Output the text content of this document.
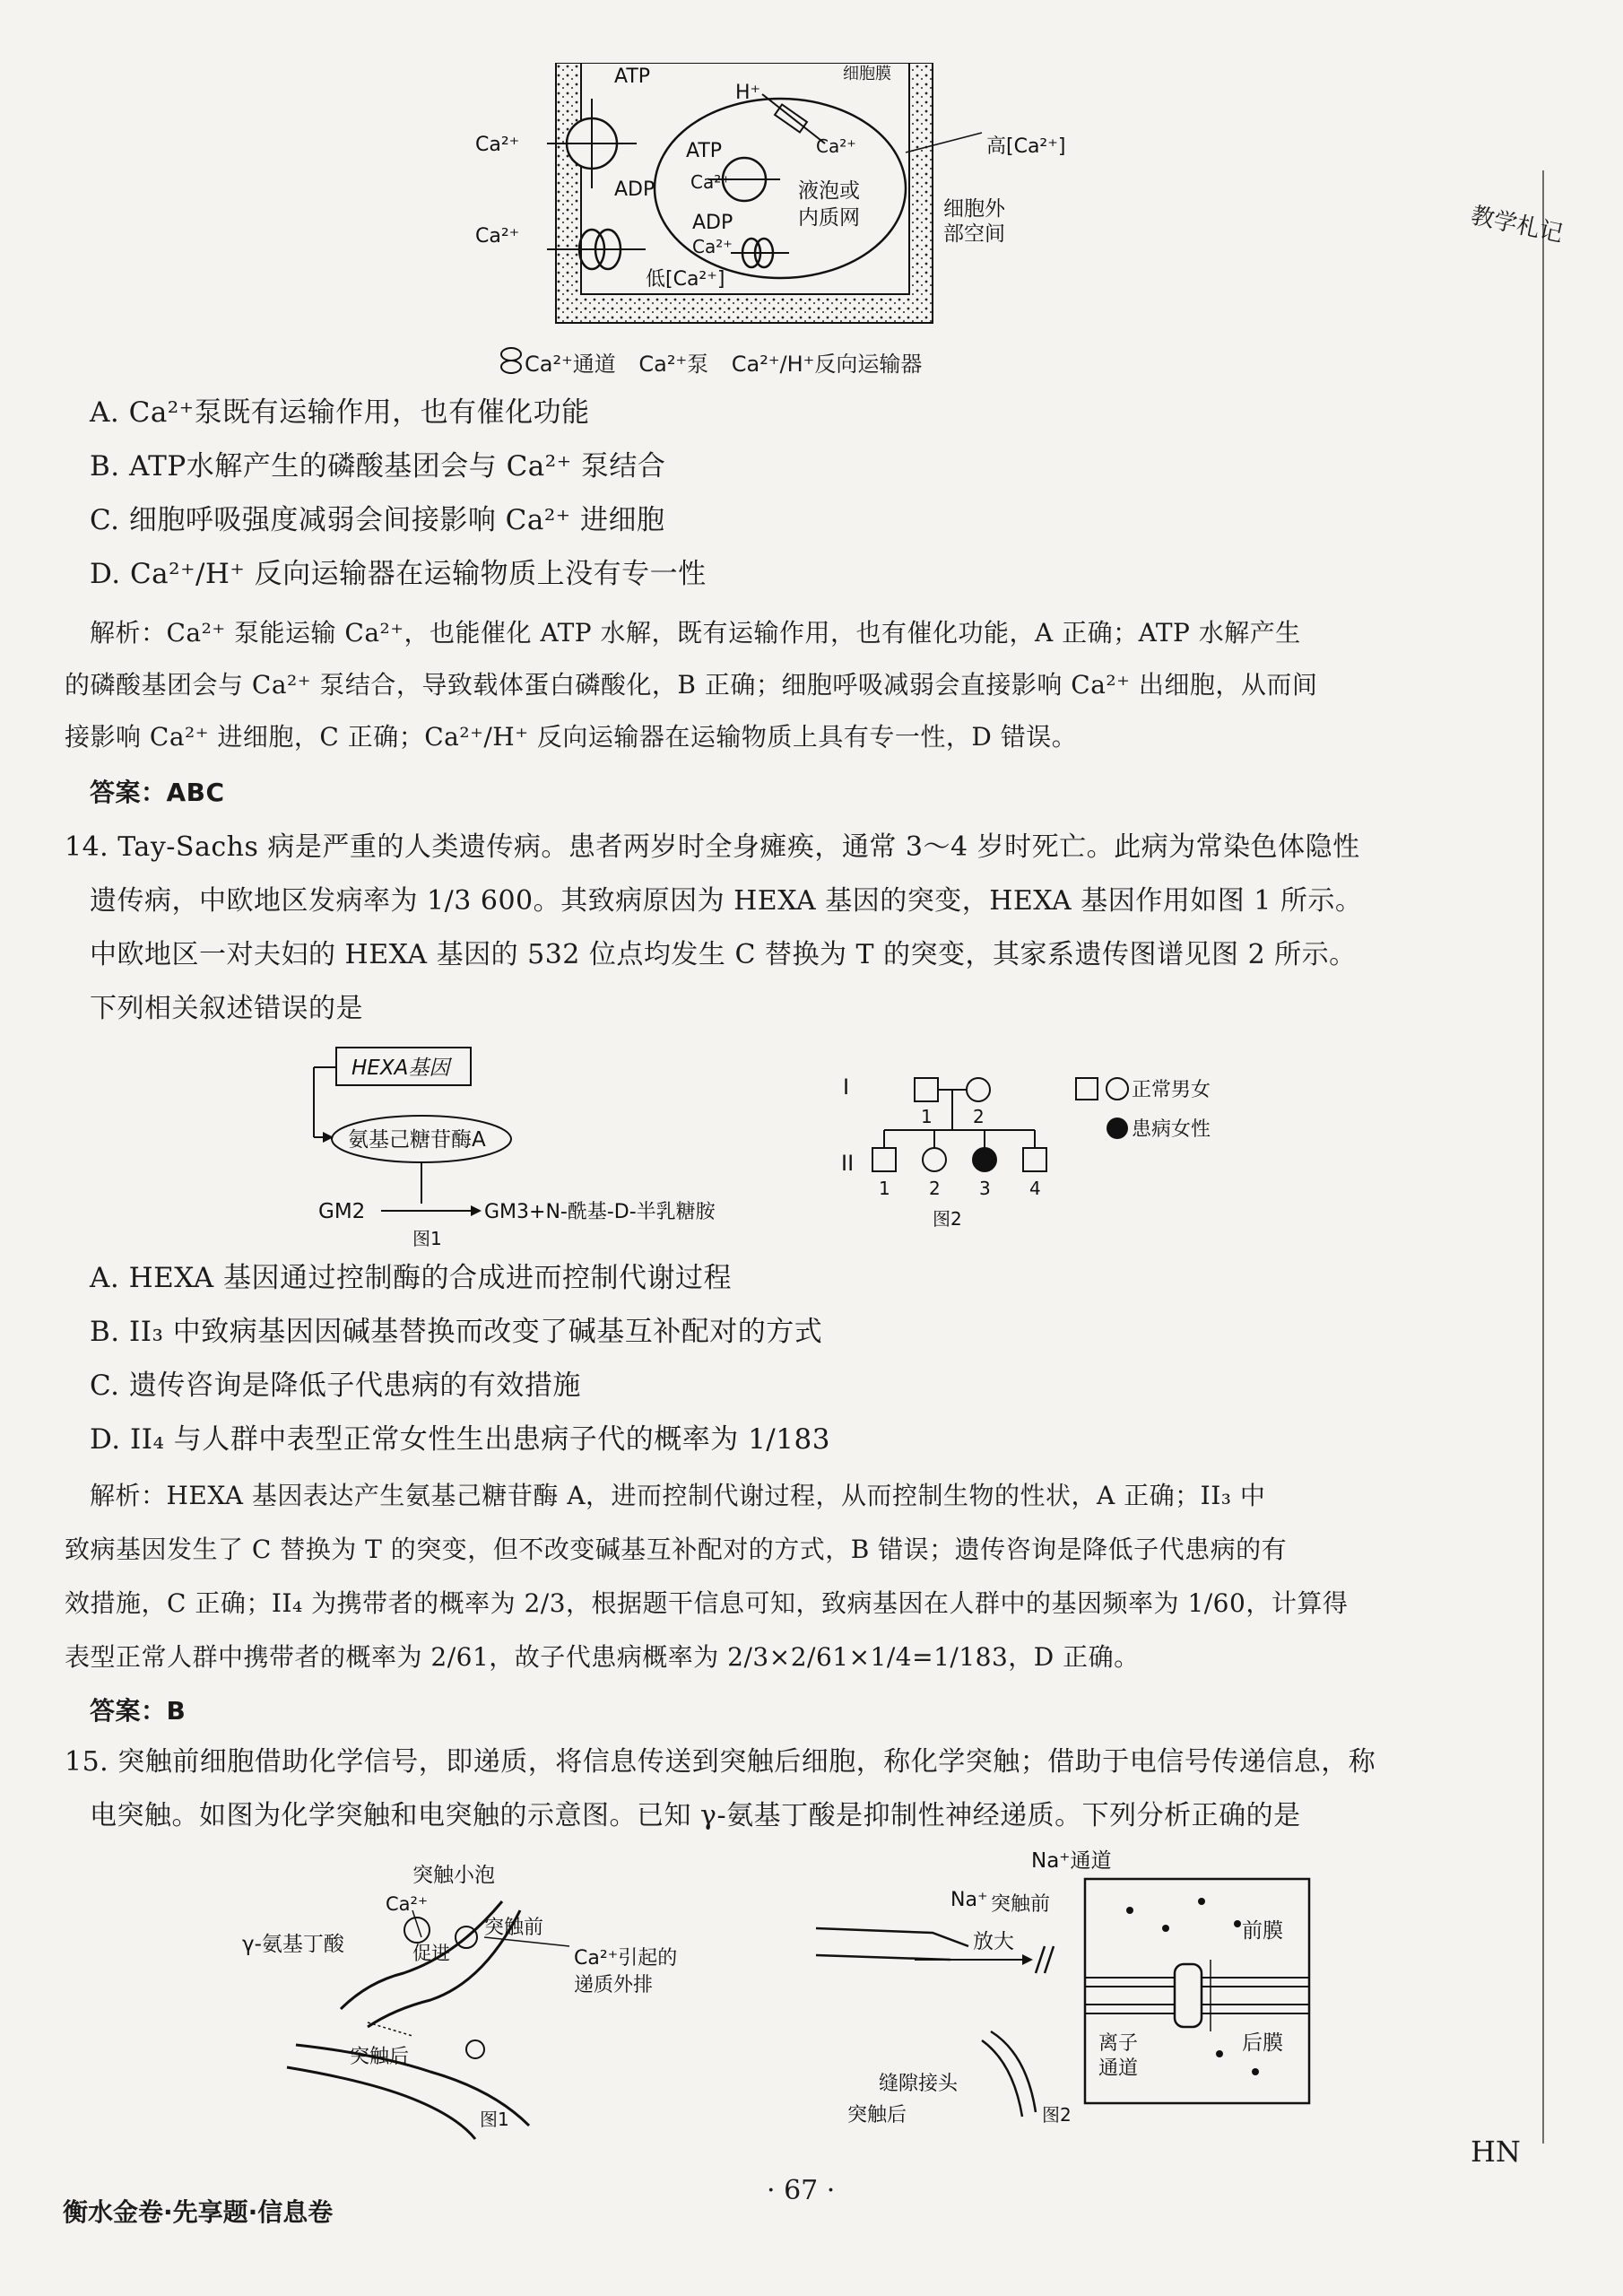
ATP
Ca²⁺
ADP
Ca²⁺
H⁺
Ca²⁺	高[Ca²⁺]
ATP
Ca²⁺	液泡或
内质网
ADP
Ca²⁺
细胞外
部空间
低[Ca²⁺]
细胞膜
Ca²⁺通道 Ca²⁺泵 Ca²⁺/H⁺反向运输器
A. Ca²⁺泵既有运输作用，也有催化功能
B. ATP水解产生的磷酸基团会与 Ca²⁺ 泵结合
C. 细胞呼吸强度减弱会间接影响 Ca²⁺ 进细胞
D. Ca²⁺/H⁺ 反向运输器在运输物质上没有专一性
解析：Ca²⁺ 泵能运输 Ca²⁺，也能催化 ATP 水解，既有运输作用，也有催化功能，A 正确；ATP 水解产生
的磷酸基团会与 Ca²⁺ 泵结合，导致载体蛋白磷酸化，B 正确；细胞呼吸减弱会直接影响 Ca²⁺ 出细胞，从而间
接影响 Ca²⁺ 进细胞，C 正确；Ca²⁺/H⁺ 反向运输器在运输物质上具有专一性，D 错误。
答案：ABC
14. Tay-Sachs 病是严重的人类遗传病。患者两岁时全身瘫痪，通常 3～4 岁时死亡。此病为常染色体隐性
遗传病，中欧地区发病率为 1/3 600。其致病原因为 HEXA 基因的突变，HEXA 基因作用如图 1 所示。
中欧地区一对夫妇的 HEXA 基因的 532 位点均发生 C 替换为 T 的突变，其家系遗传图谱见图 2 所示。
下列相关叙述错误的是
HEXA基因
氨基己糖苷酶A
GM2	GM3+N-酰基-D-半乳糖胺
图1
I
1 2
II
1 2 3 4
图2
正常男女
患病女性
A. HEXA 基因通过控制酶的合成进而控制代谢过程
B. II₃ 中致病基因因碱基替换而改变了碱基互补配对的方式
C. 遗传咨询是降低子代患病的有效措施
D. II₄ 与人群中表型正常女性生出患病子代的概率为 1/183
解析：HEXA 基因表达产生氨基己糖苷酶 A，进而控制代谢过程，从而控制生物的性状，A 正确；II₃ 中
致病基因发生了 C 替换为 T 的突变，但不改变碱基互补配对的方式，B 错误；遗传咨询是降低子代患病的有
效措施，C 正确；II₄ 为携带者的概率为 2/3，根据题干信息可知，致病基因在人群中的基因频率为 1/60，计算得
表型正常人群中携带者的概率为 2/61，故子代患病概率为 2/3×2/61×1/4=1/183，D 正确。
答案：B
15. 突触前细胞借助化学信号，即递质，将信息传送到突触后细胞，称化学突触；借助于电信号传递信息，称
电突触。如图为化学突触和电突触的示意图。已知 γ-氨基丁酸是抑制性神经递质。下列分析正确的是
突触小泡
Ca²⁺
γ-氨基丁酸	促进
突触前
Ca²⁺引起的
递质外排
突触后
图1
Na⁺通道
Na⁺ 突触前
放大	前膜
离子
通道
后膜
缝隙接头
突触后	图2
教学札记
衡水金卷·先享题·信息卷
· 67 ·
HN
